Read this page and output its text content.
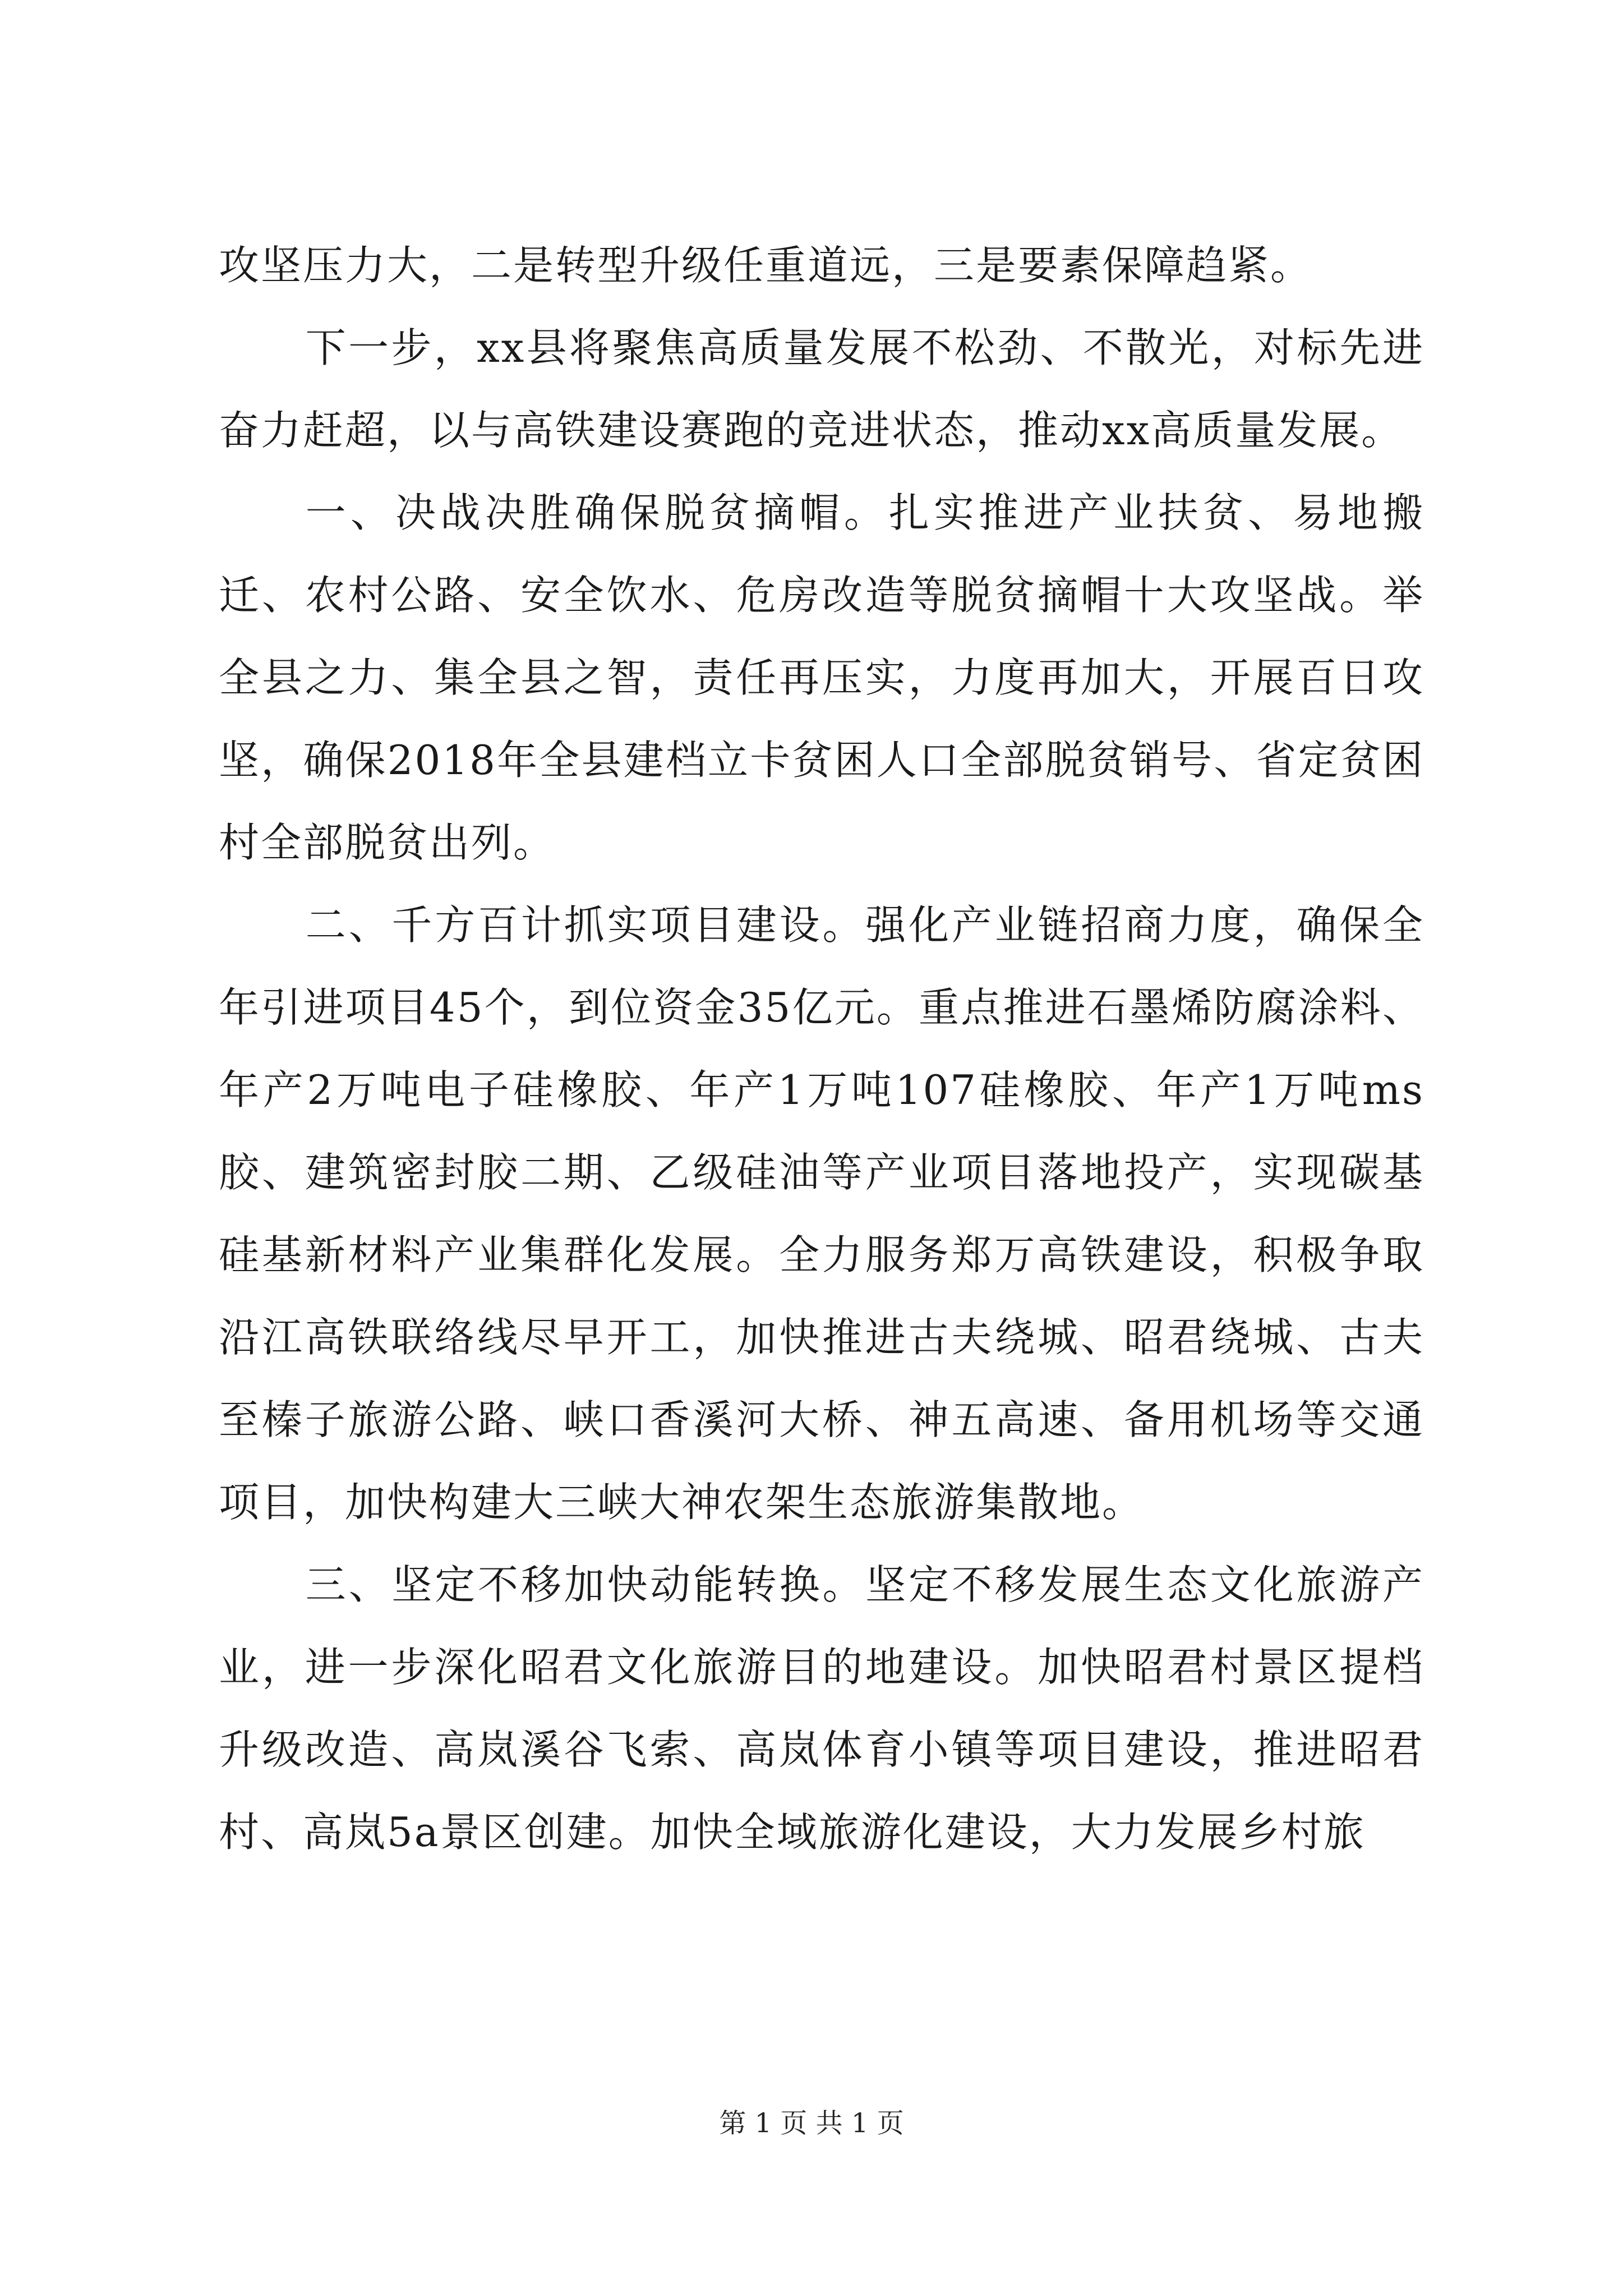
攻坚压力大，二是转型升级任重道远，三是要素保障趋紧。

下一步，xx县将聚焦高质量发展不松劲、不散光，对标先进奋力赶超，以与高铁建设赛跑的竞进状态，推动xx高质量发展。

一、决战决胜确保脱贫摘帽。扎实推进产业扶贫、易地搬迁、农村公路、安全饮水、危房改造等脱贫摘帽十大攻坚战。举全县之力、集全县之智，责任再压实，力度再加大，开展百日攻坚，确保2018年全县建档立卡贫困人口全部脱贫销号、省定贫困村全部脱贫出列。

二、千方百计抓实项目建设。强化产业链招商力度，确保全年引进项目45个，到位资金35亿元。重点推进石墨烯防腐涂料、年产2万吨电子硅橡胶、年产1万吨107硅橡胶、年产1万吨ms胶、建筑密封胶二期、乙级硅油等产业项目落地投产，实现碳基硅基新材料产业集群化发展。全力服务郑万高铁建设，积极争取沿江高铁联络线尽早开工，加快推进古夫绕城、昭君绕城、古夫至榛子旅游公路、峡口香溪河大桥、神五高速、备用机场等交通项目，加快构建大三峡大神农架生态旅游集散地。

三、坚定不移加快动能转换。坚定不移发展生态文化旅游产业，进一步深化昭君文化旅游目的地建设。加快昭君村景区提档升级改造、高岚溪谷飞索、高岚体育小镇等项目建设，推进昭君村、高岚5a景区创建。加快全域旅游化建设，大力发展乡村旅

第 1 页 共 1 页
